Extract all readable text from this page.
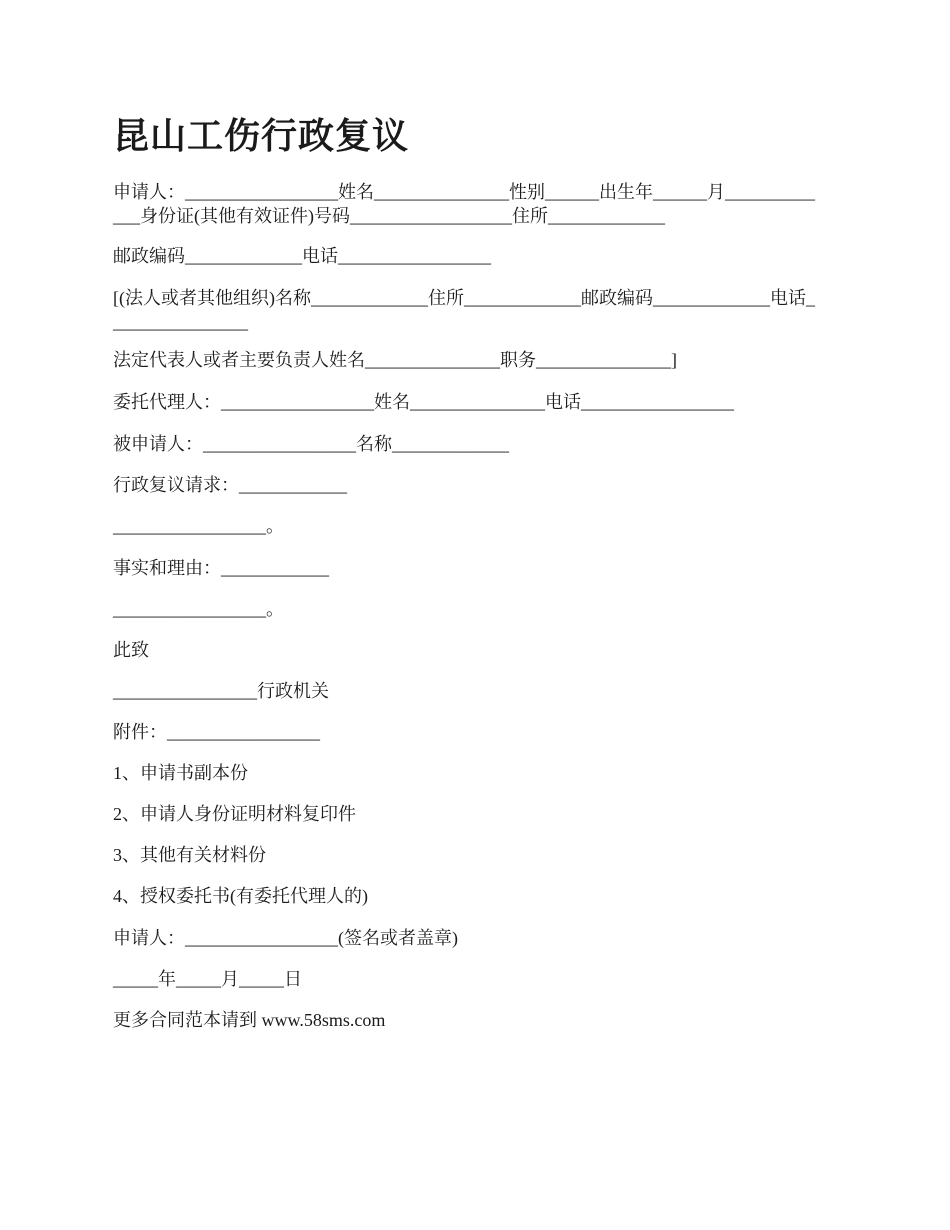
昆山工伤行政复议
申请人：_________________姓名_______________性别______出生年______月__________ ___身份证(其他有效证件)号码__________________住所_____________
邮政编码_____________电话_________________
[(法人或者其他组织)名称_____________住所_____________邮政编码_____________电话_ _______________
法定代表人或者主要负责人姓名_______________职务_______________]
委托代理人：_________________姓名_______________电话_________________
被申请人：_________________名称_____________
行政复议请求：____________
_________________。
事实和理由：____________
_________________。
此致
________________行政机关
附件：_________________
1、申请书副本份
2、申请人身份证明材料复印件
3、其他有关材料份
4、授权委托书(有委托代理人的)
申请人：_________________(签名或者盖章)
_____年_____月_____日
更多合同范本请到 www.58sms.com
